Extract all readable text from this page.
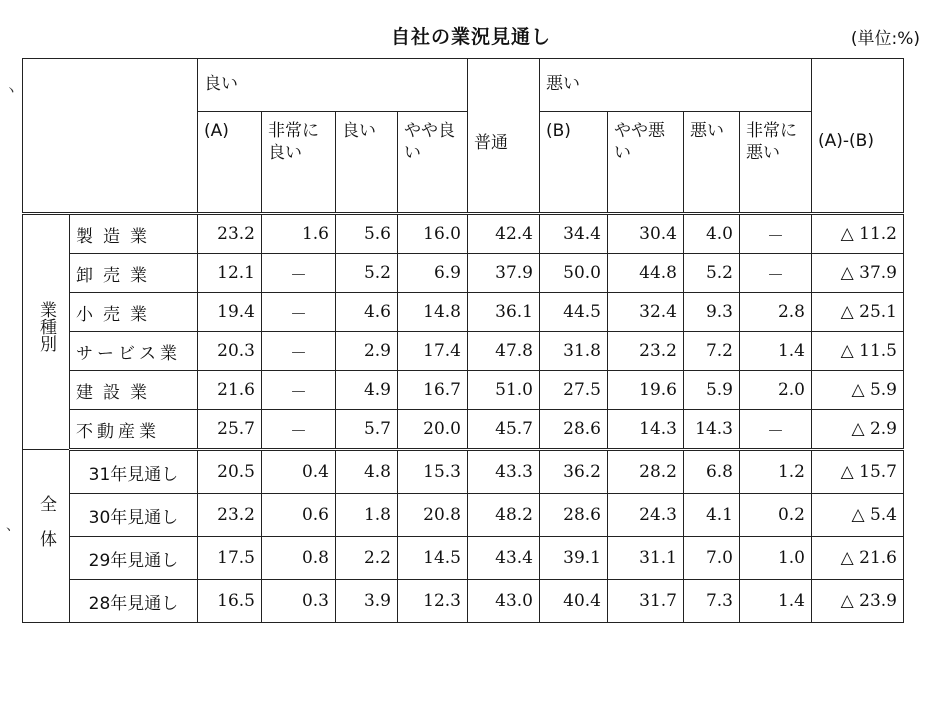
自社の業況見通し	(単位:%)
ヽ
、
		良い				普通	悪い				(A)-(B)
		(A)	非常に良い	良い	やや良い		(B)	やや悪い	悪い	非常に悪い	
業種別	製造業	23.2	1.6	5.6	16.0	42.4	34.4	30.4	4.0	－	△ 11.2
	卸売業	12.1	－	5.2	6.9	37.9	50.0	44.8	5.2	－	△ 37.9
	小売業	19.4	－	4.6	14.8	36.1	44.5	32.4	9.3	2.8	△ 25.1
	サービス業	20.3	－	2.9	17.4	47.8	31.8	23.2	7.2	1.4	△ 11.5
	建設業	21.6	－	4.9	16.7	51.0	27.5	19.6	5.9	2.0	△ 5.9
	不動産業	25.7	－	5.7	20.0	45.7	28.6	14.3	14.3	－	△ 2.9
全体	31年見通し	20.5	0.4	4.8	15.3	43.3	36.2	28.2	6.8	1.2	△ 15.7
	30年見通し	23.2	0.6	1.8	20.8	48.2	28.6	24.3	4.1	0.2	△ 5.4
	29年見通し	17.5	0.8	2.2	14.5	43.4	39.1	31.1	7.0	1.0	△ 21.6
	28年見通し	16.5	0.3	3.9	12.3	43.0	40.4	31.7	7.3	1.4	△ 23.9
